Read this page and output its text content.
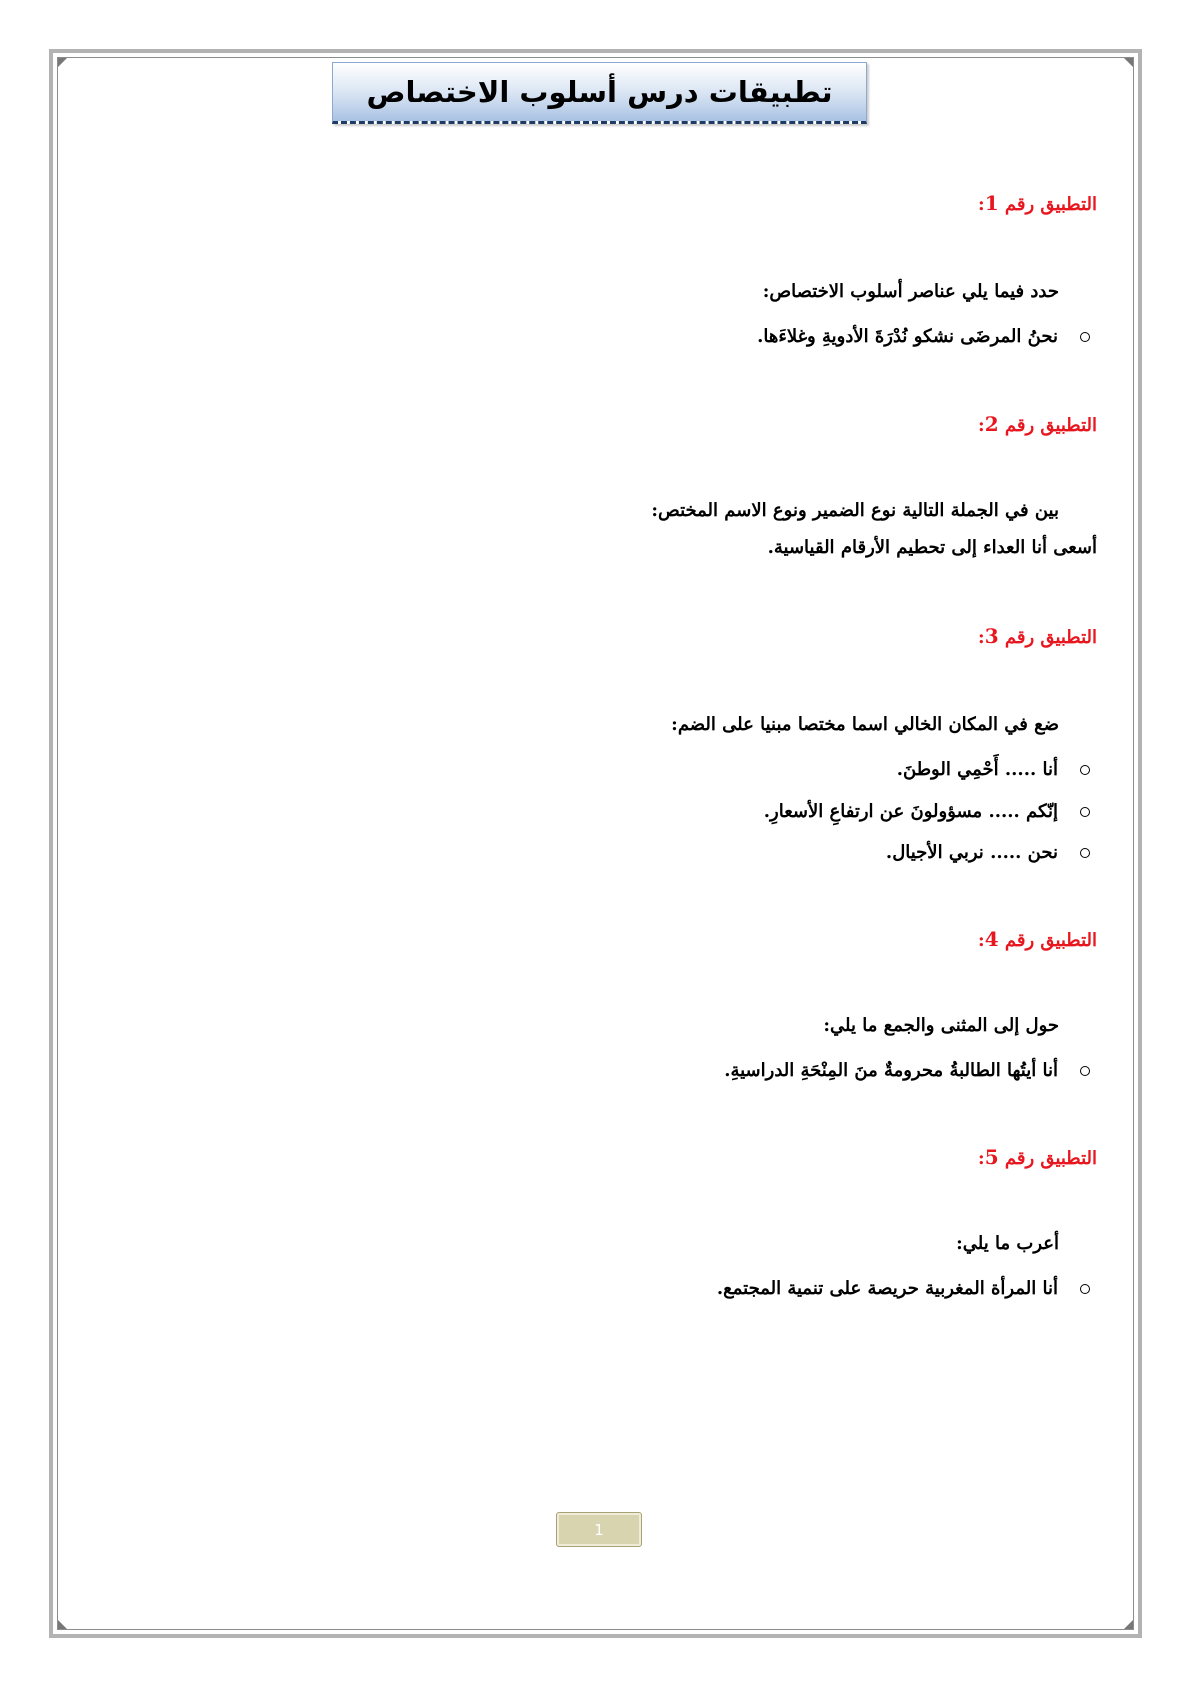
تطبيقات درس أسلوب الاختصاص
التطبيق رقم 1:
حدد فيما يلي عناصر أسلوب الاختصاص:
نحنُ المرضَى نشكو نُدْرَةَ الأدويةِ وغلاءَها.
التطبيق رقم 2:
بين في الجملة التالية نوع الضمير ونوع الاسم المختص:
أسعى أنا العداء إلى تحطيم الأرقام القياسية.
التطبيق رقم 3:
ضع في المكان الخالي اسما مختصا مبنيا على الضم:
أنا ..... أَحْمِي الوطنَ.
إنّكم ..... مسؤولونَ عن ارتفاعِ الأسعارِ.
نحن ..... نربي الأجيال.
التطبيق رقم 4:
حول إلى المثنى والجمع ما يلي:
أنا أيتُها الطالبةُ محرومةٌ منَ المِنْحَةِ الدراسيةِ.
التطبيق رقم 5:
أعرب ما يلي:
أنا المرأة المغربية حريصة على تنمية المجتمع.
1
